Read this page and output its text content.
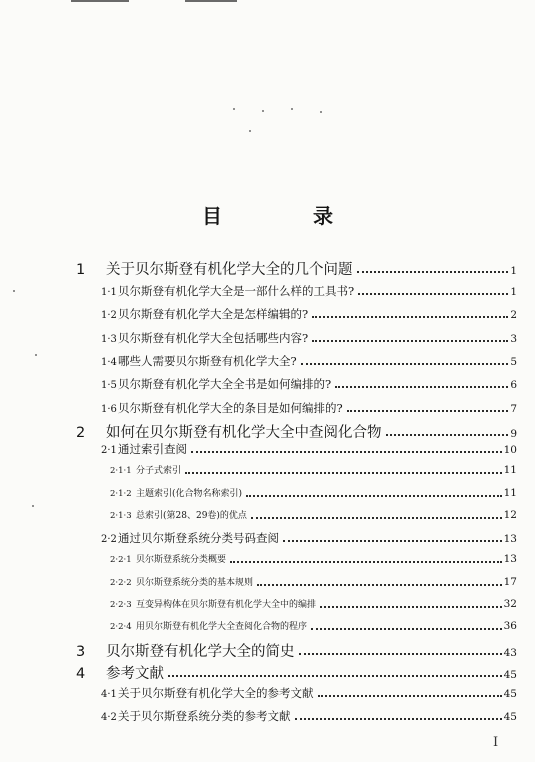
目 录
1	关于贝尔斯登有机化学大全的几个问题	1
1·1 贝尔斯登有机化学大全是一部什么样的工具书?	1
1·2 贝尔斯登有机化学大全是怎样编辑的?	2
1·3 贝尔斯登有机化学大全包括哪些内容?	3
1·4 哪些人需要贝尔斯登有机化学大全?	5
1·5 贝尔斯登有机化学大全全书是如何编排的?	6
1·6 贝尔斯登有机化学大全的条目是如何编排的?	7
2	如何在贝尔斯登有机化学大全中查阅化合物	9
2·1 通过索引查阅	10
2·1·1 分子式索引	11
2·1·2 主题索引(化合物名称索引)	11
2·1·3 总索引(第28、29卷)的优点	12
2·2 通过贝尔斯登系统分类号码查阅	13
2·2·1 贝尔斯登系统分类概要	13
2·2·2 贝尔斯登系统分类的基本规则	17
2·2·3 互变异构体在贝尔斯登有机化学大全中的编排	32
2·2·4 用贝尔斯登有机化学大全查阅化合物的程序	36
3	贝尔斯登有机化学大全的简史	43
4	参考文献	45
4·1 关于贝尔斯登有机化学大全的参考文献	45
4·2 关于贝尔斯登系统分类的参考文献	45
I
